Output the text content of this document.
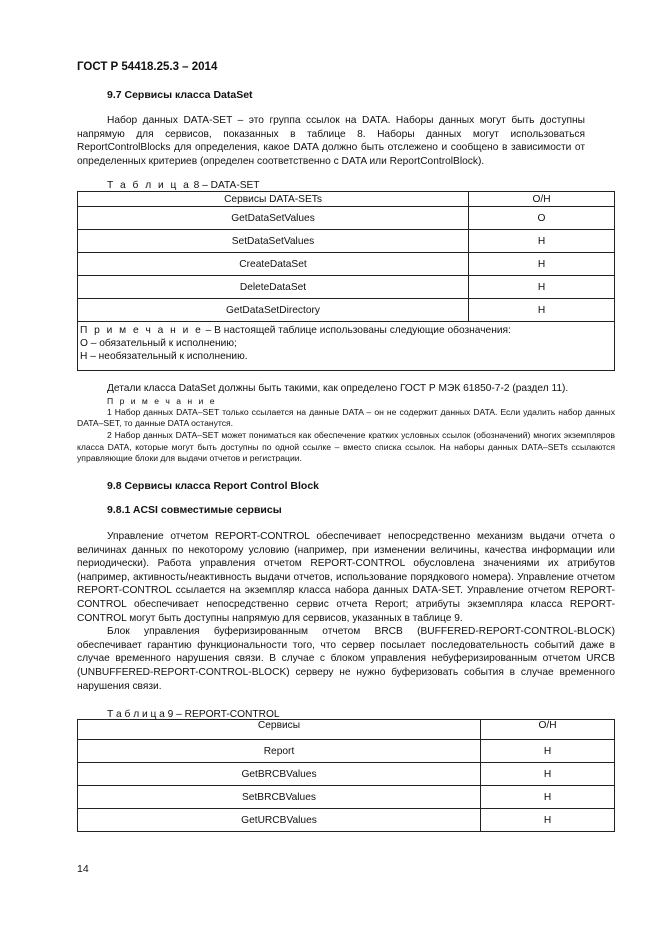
ГОСТ Р 54418.25.3 – 2014
9.7 Сервисы класса DataSet

Набор данных DATA-SET – это группа ссылок на DATA. Наборы данных могут быть доступны напрямую для сервисов, показанных в таблице 8. Наборы данных могут использоваться ReportControlBlocks для определения, какое DATA должно быть отслежено и сообщено в зависимости от определенных критериев (определен соответственно с DATA или ReportControlBlock).

Т а б л и ц а 8 – DATA-SET
Сервисы DATA-SETs	О/Н
GetDataSetValues	О
SetDataSetValues	Н
CreateDataSet	Н
DeleteDataSet	Н
GetDataSetDirectory	Н

П р и м е ч а н и е – В настоящей таблице использованы следующие обозначения:
О – обязательный к исполнению;
Н – необязательный к исполнению.	
Детали класса DataSet должны быть такими, как определено ГОСТ Р МЭК 61850-7-2 (раздел 11).
П р и м е ч а н и е

1 Набор данных DATA–SET только ссылается на данные DATA – он не содержит данных DATA. Если удалить набор данных DATA–SET, то данные DATA останутся.

2 Набор данных DATA–SET может пониматься как обеспечение кратких условных ссылок (обозначений) многих экземпляров класса DATA, которые могут быть доступны по одной ссылке – вместо списка ссылок. На наборы данных DATA–SETs ссылаются управляющие блоки для выдачи отчетов и регистрации.

9.8 Сервисы класса Report Control Block
9.8.1 ACSI совместимые сервисы

Управление отчетом REPORT-CONTROL обеспечивает непосредственно механизм выдачи отчета о величинах данных по некоторому условию (например, при изменении величины, качества информации или периодически). Работа управления отчетом REPORT-CONTROL обусловлена значениями их атрибутов (например, активность/неактивность выдачи отчетов, использование порядкового номера). Управление отчетом REPORT-CONTROL ссылается на экземпляр класса набора данных DATA-SET. Управление отчетом REPORT-CONTROL обеспечивает непосредственно сервис отчета Report; атрибуты экземпляра класса REPORT-CONTROL могут быть доступны напрямую для сервисов, указанных в таблице 9.

Блок управления буферизированным отчетом BRCB (BUFFERED-REPORT-CONTROL-BLOCK) обеспечивает гарантию функциональности того, что сервер посылает последовательность событий даже в случае временного нарушения связи. В случае с блоком управления небуферизированным отчетом URCB (UNBUFFERED-REPORT-CONTROL-BLOCK) серверу не нужно буферизовать события в случае временного нарушения связи.

Т а б л и ц а 9 – REPORT-CONTROL
Сервисы	О/Н
Report	Н
GetBRCBValues	Н
SetBRCBValues	Н
GetURCBValues	Н
14
